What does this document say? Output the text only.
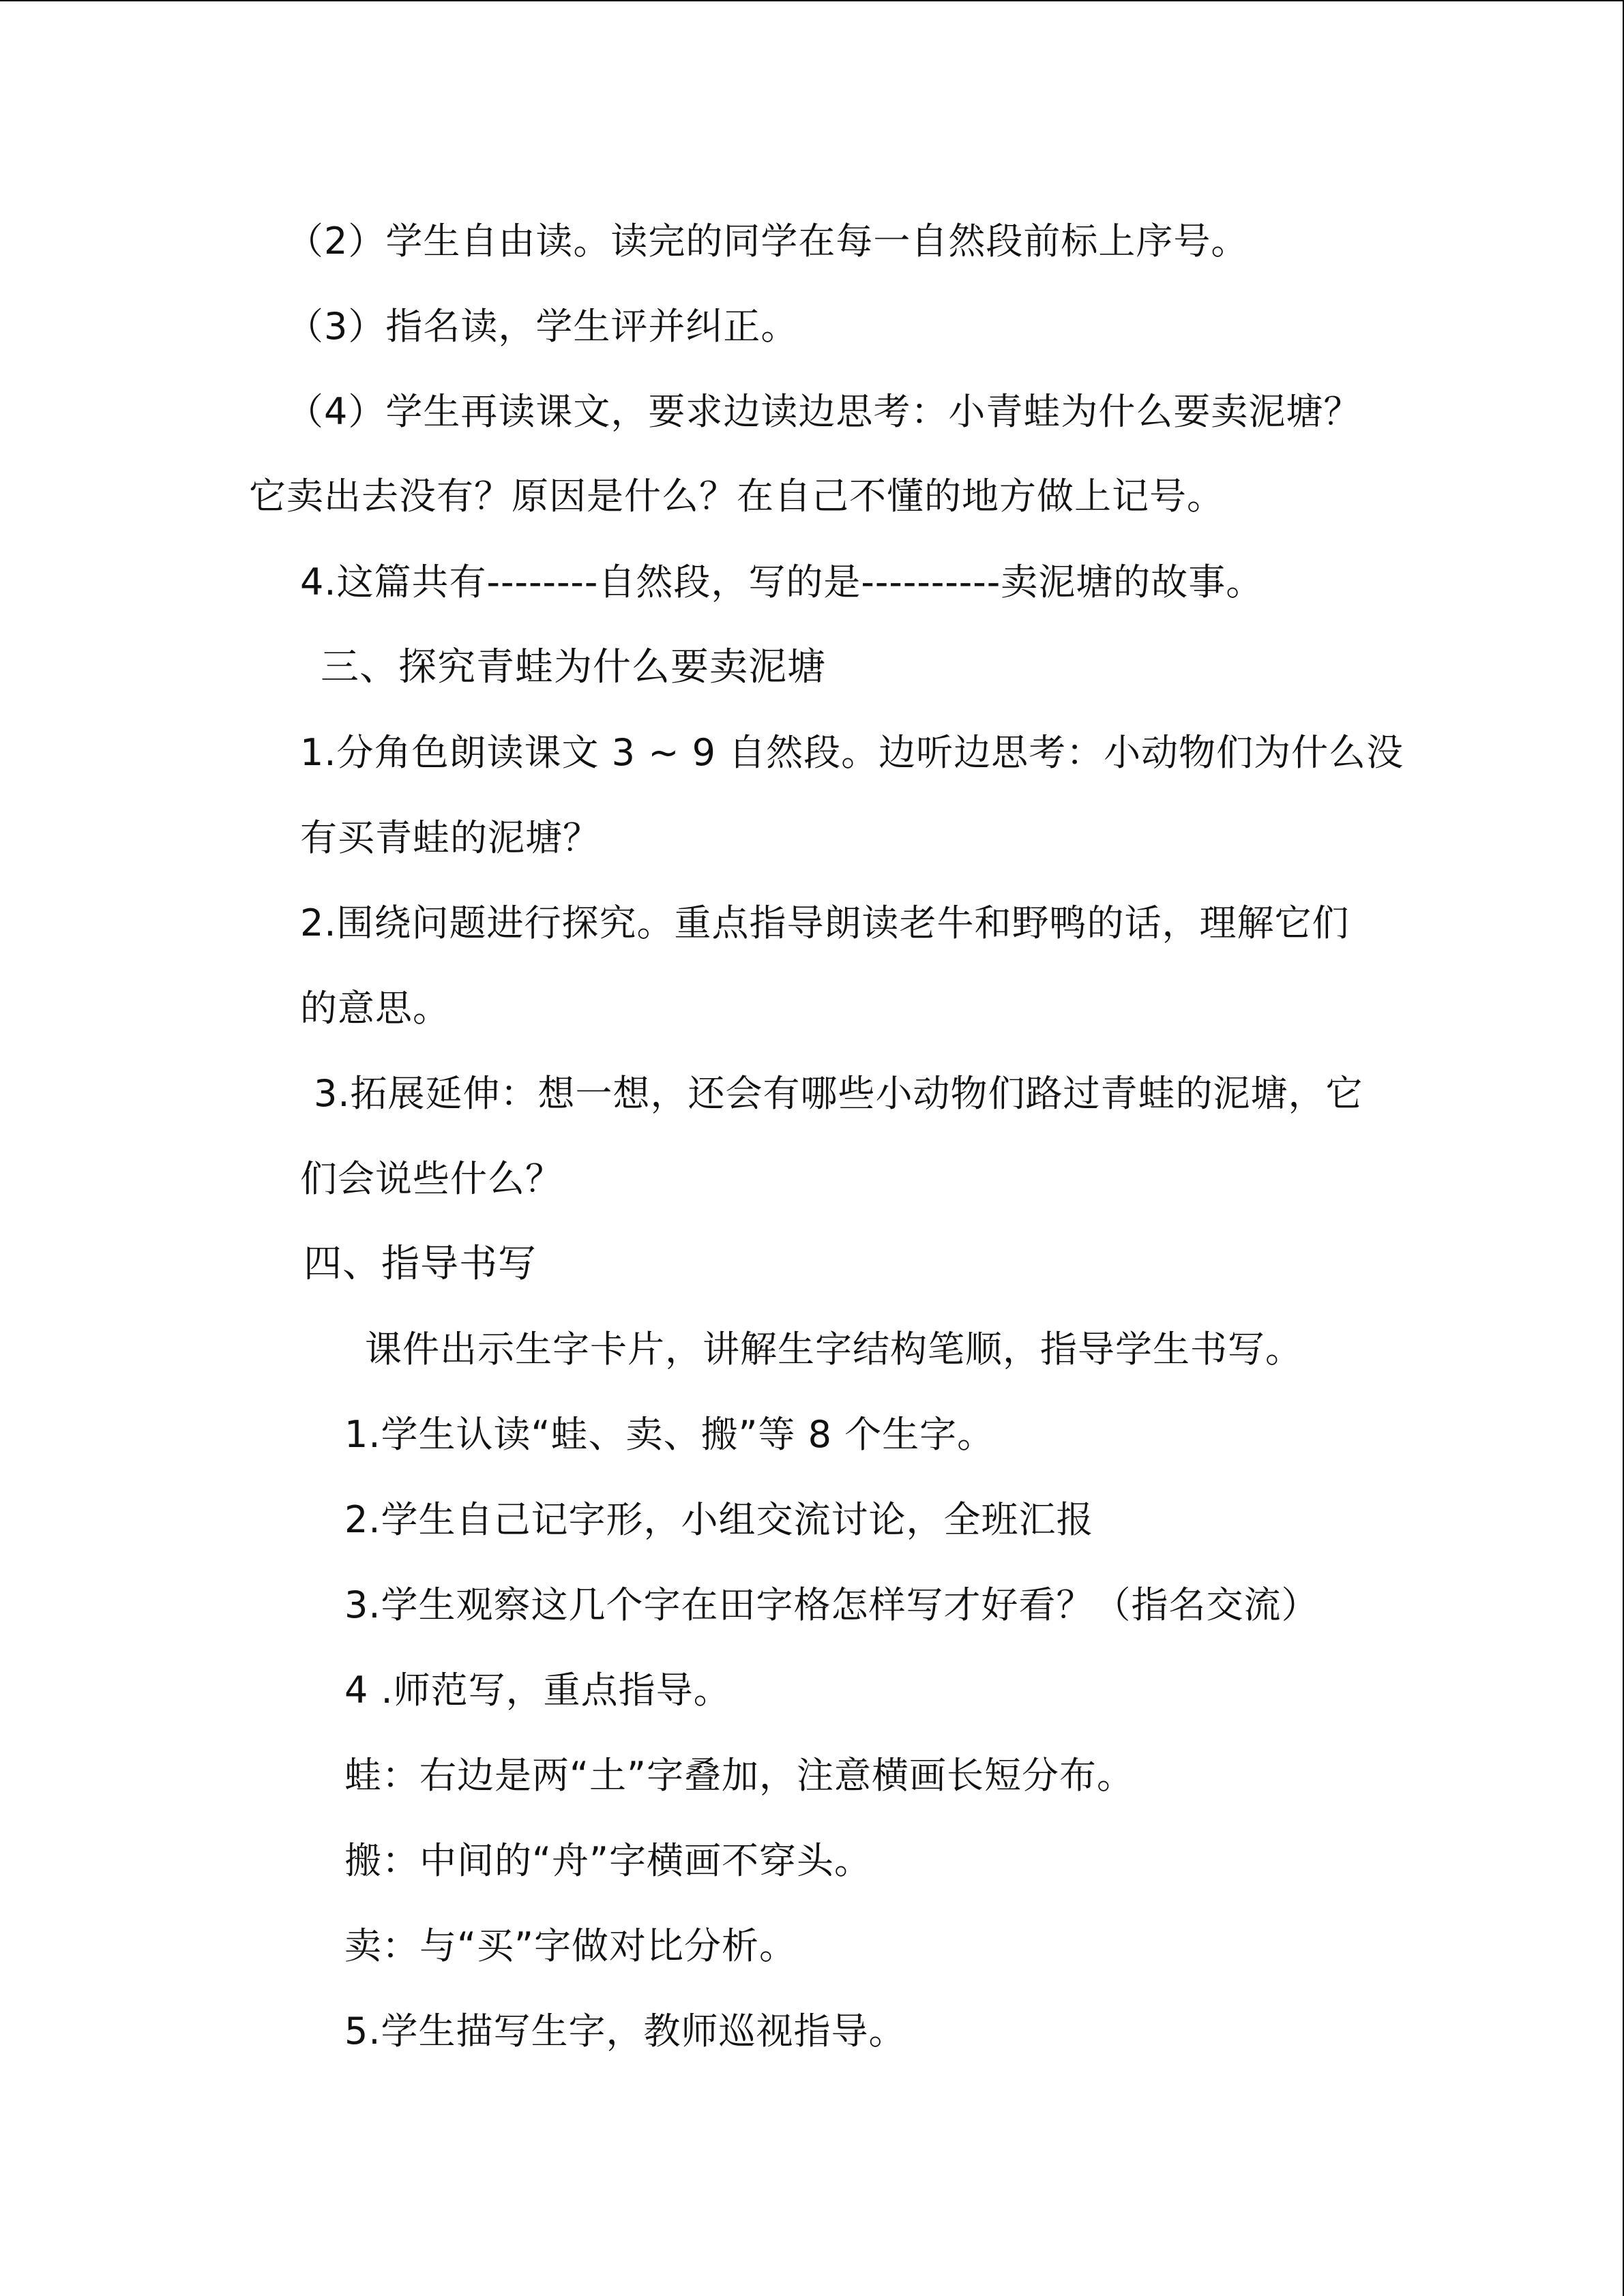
（2）学生自由读。读完的同学在每一自然段前标上序号。
（3）指名读，学生评并纠正。
（4）学生再读课文，要求边读边思考：小青蛙为什么要卖泥塘？
它卖出去没有？原因是什么？在自己不懂的地方做上记号。
4.这篇共有--------自然段，写的是----------卖泥塘的故事。
三、探究青蛙为什么要卖泥塘
1.分角色朗读课文 3 ~ 9 自然段。边听边思考：小动物们为什么没
有买青蛙的泥塘？
2.围绕问题进行探究。重点指导朗读老牛和野鸭的话，理解它们
的意思。
3.拓展延伸：想一想，还会有哪些小动物们路过青蛙的泥塘，它
们会说些什么？
四、指导书写
课件出示生字卡片，讲解生字结构笔顺，指导学生书写。
1.学生认读“蛙、卖、搬”等 8 个生字。
2.学生自己记字形，小组交流讨论，全班汇报
3.学生观察这几个字在田字格怎样写才好看？（指名交流）
4 .师范写，重点指导。
蛙：右边是两“土”字叠加，注意横画长短分布。
搬：中间的“舟”字横画不穿头。
卖：与“买”字做对比分析。
5.学生描写生字，教师巡视指导。
